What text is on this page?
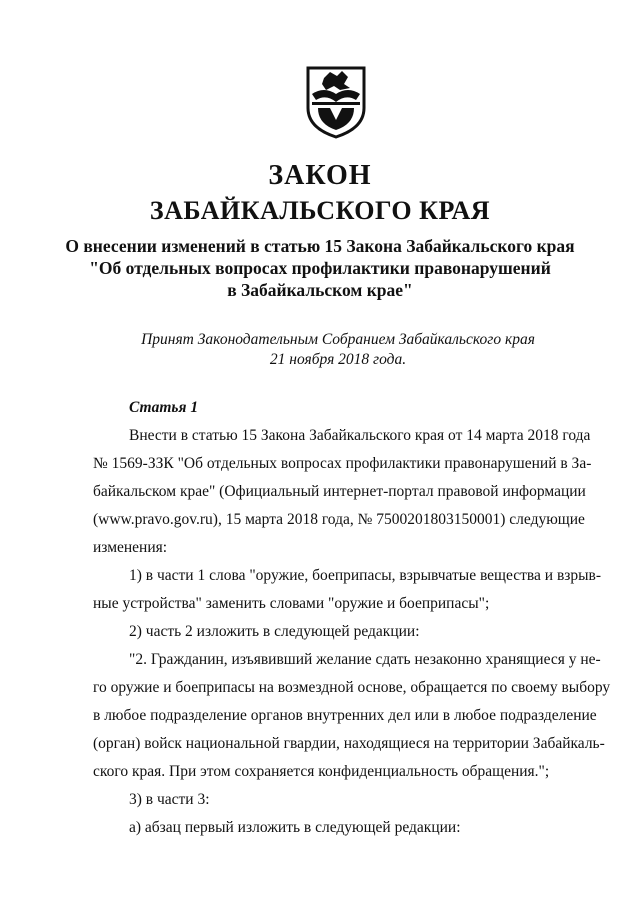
ЗАКОН
ЗАБАЙКАЛЬСКОГО КРАЯ
О внесении изменений в статью 15 Закона Забайкальского края
"Об отдельных вопросах профилактики правонарушений
в Забайкальском крае"
Принят Законодательным Собранием Забайкальского края
21 ноября 2018 года.
Статья 1
Внести в статью 15 Закона Забайкальского края от 14 марта 2018 года
№ 1569-ЗЗК "Об отдельных вопросах профилактики правонарушений в За-
байкальском крае" (Официальный интернет-портал правовой информации
(www.pravo.gov.ru), 15 марта 2018 года, № 7500201803150001) следующие
изменения:
1) в части 1 слова "оружие, боеприпасы, взрывчатые вещества и взрыв-
ные устройства" заменить словами "оружие и боеприпасы";
2) часть 2 изложить в следующей редакции:
"2. Гражданин, изъявивший желание сдать незаконно хранящиеся у не-
го оружие и боеприпасы на возмездной основе, обращается по своему выбору
в любое подразделение органов внутренних дел или в любое подразделение
(орган) войск национальной гвардии, находящиеся на территории Забайкаль-
ского края. При этом сохраняется конфиденциальность обращения.";
3) в части 3:
а) абзац первый изложить в следующей редакции:
